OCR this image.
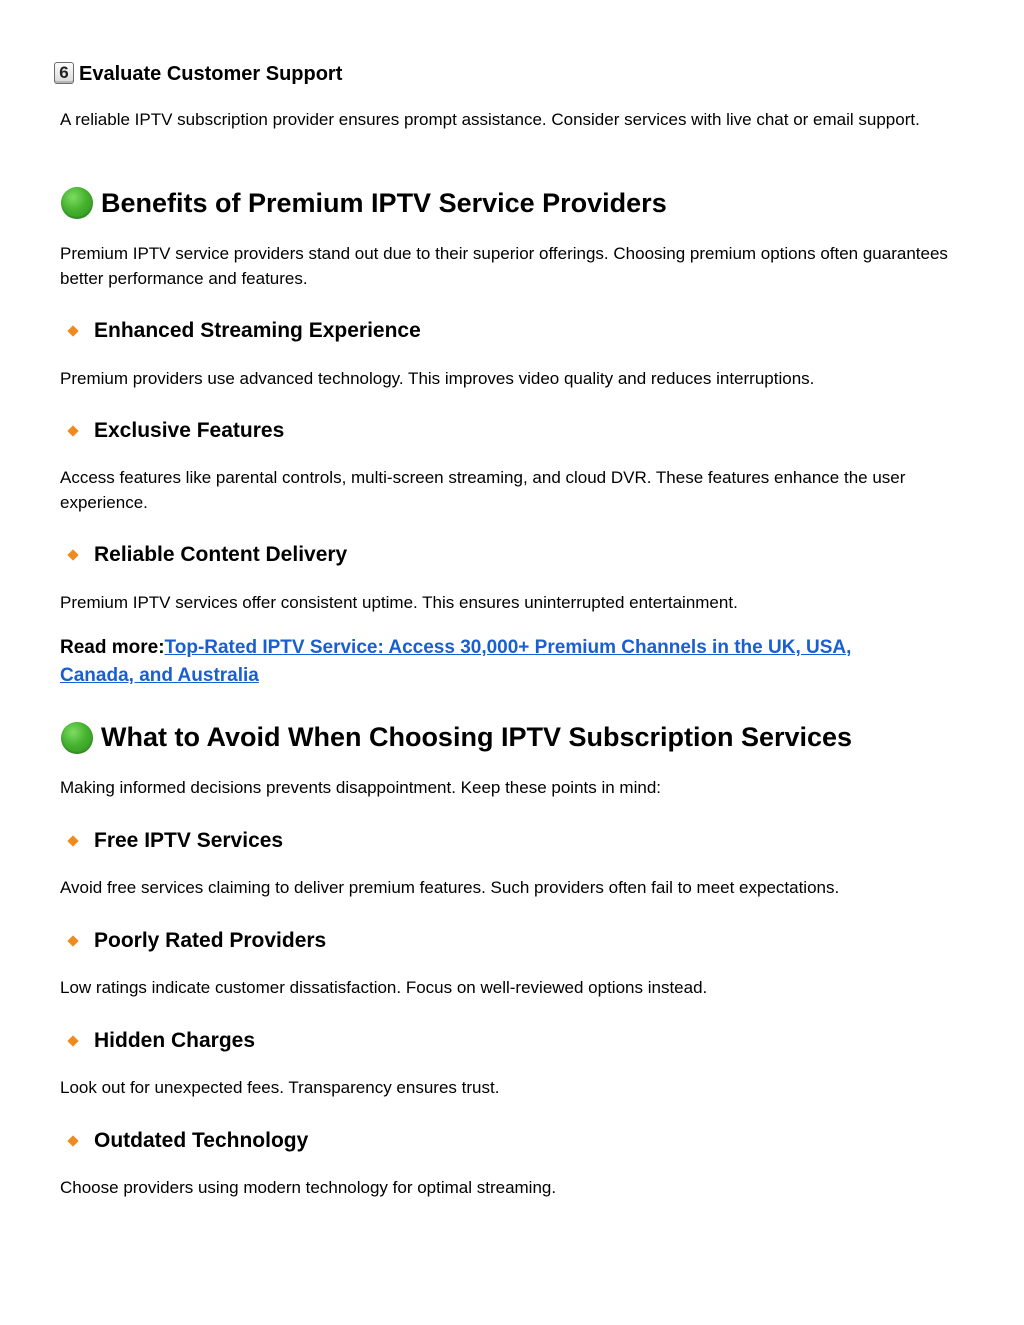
6 Evaluate Customer Support
A reliable IPTV subscription provider ensures prompt assistance. Consider services with live chat or email support.
Benefits of Premium IPTV Service Providers
Premium IPTV service providers stand out due to their superior offerings. Choosing premium options often guarantees better performance and features.
Enhanced Streaming Experience
Premium providers use advanced technology. This improves video quality and reduces interruptions.
Exclusive Features
Access features like parental controls, multi-screen streaming, and cloud DVR. These features enhance the user experience.
Reliable Content Delivery
Premium IPTV services offer consistent uptime. This ensures uninterrupted entertainment.
Read more:Top-Rated IPTV Service: Access 30,000+ Premium Channels in the UK, USA, Canada, and Australia
What to Avoid When Choosing IPTV Subscription Services
Making informed decisions prevents disappointment. Keep these points in mind:
Free IPTV Services
Avoid free services claiming to deliver premium features. Such providers often fail to meet expectations.
Poorly Rated Providers
Low ratings indicate customer dissatisfaction. Focus on well-reviewed options instead.
Hidden Charges
Look out for unexpected fees. Transparency ensures trust.
Outdated Technology
Choose providers using modern technology for optimal streaming.
